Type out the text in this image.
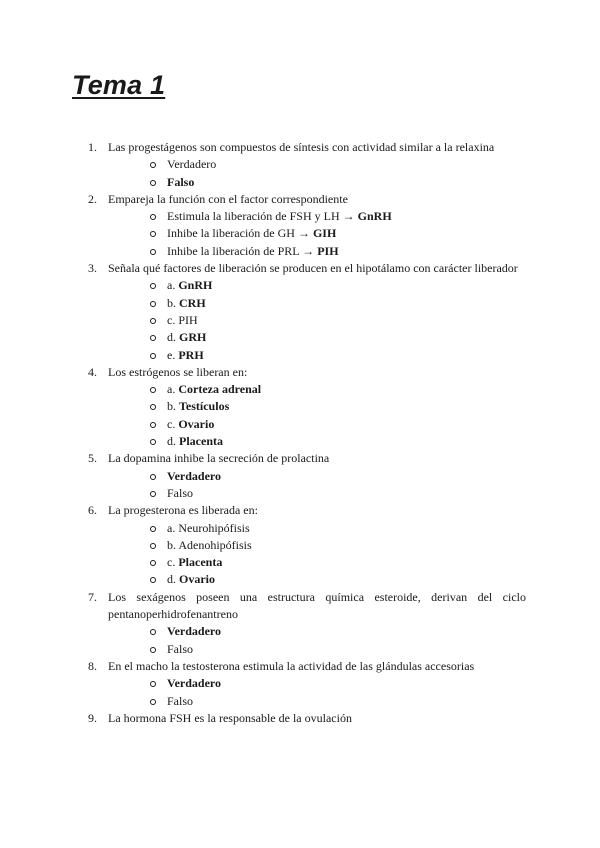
Tema 1
1. Las progestágenos son compuestos de síntesis con actividad similar a la relaxina
Verdadero
Falso
2. Empareja la función con el factor correspondiente
Estimula la liberación de FSH y LH → GnRH
Inhibe la liberación de GH → GIH
Inhibe la liberación de PRL → PIH
3. Señala qué factores de liberación se producen en el hipotálamo con carácter liberador
a. GnRH
b. CRH
c. PIH
d. GRH
e. PRH
4. Los estrógenos se liberan en:
a. Corteza adrenal
b. Testículos
c. Ovario
d. Placenta
5. La dopamina inhibe la secreción de prolactina
Verdadero
Falso
6. La progesterona es liberada en:
a. Neurohipófisis
b. Adenohipófisis
c. Placenta
d. Ovario
7. Los sexágenos poseen una estructura química esteroide, derivan del ciclo pentanoperhidrofenantreno
Verdadero
Falso
8. En el macho la testosterona estimula la actividad de las glándulas accesorias
Verdadero
Falso
9. La hormona FSH es la responsable de la ovulación
